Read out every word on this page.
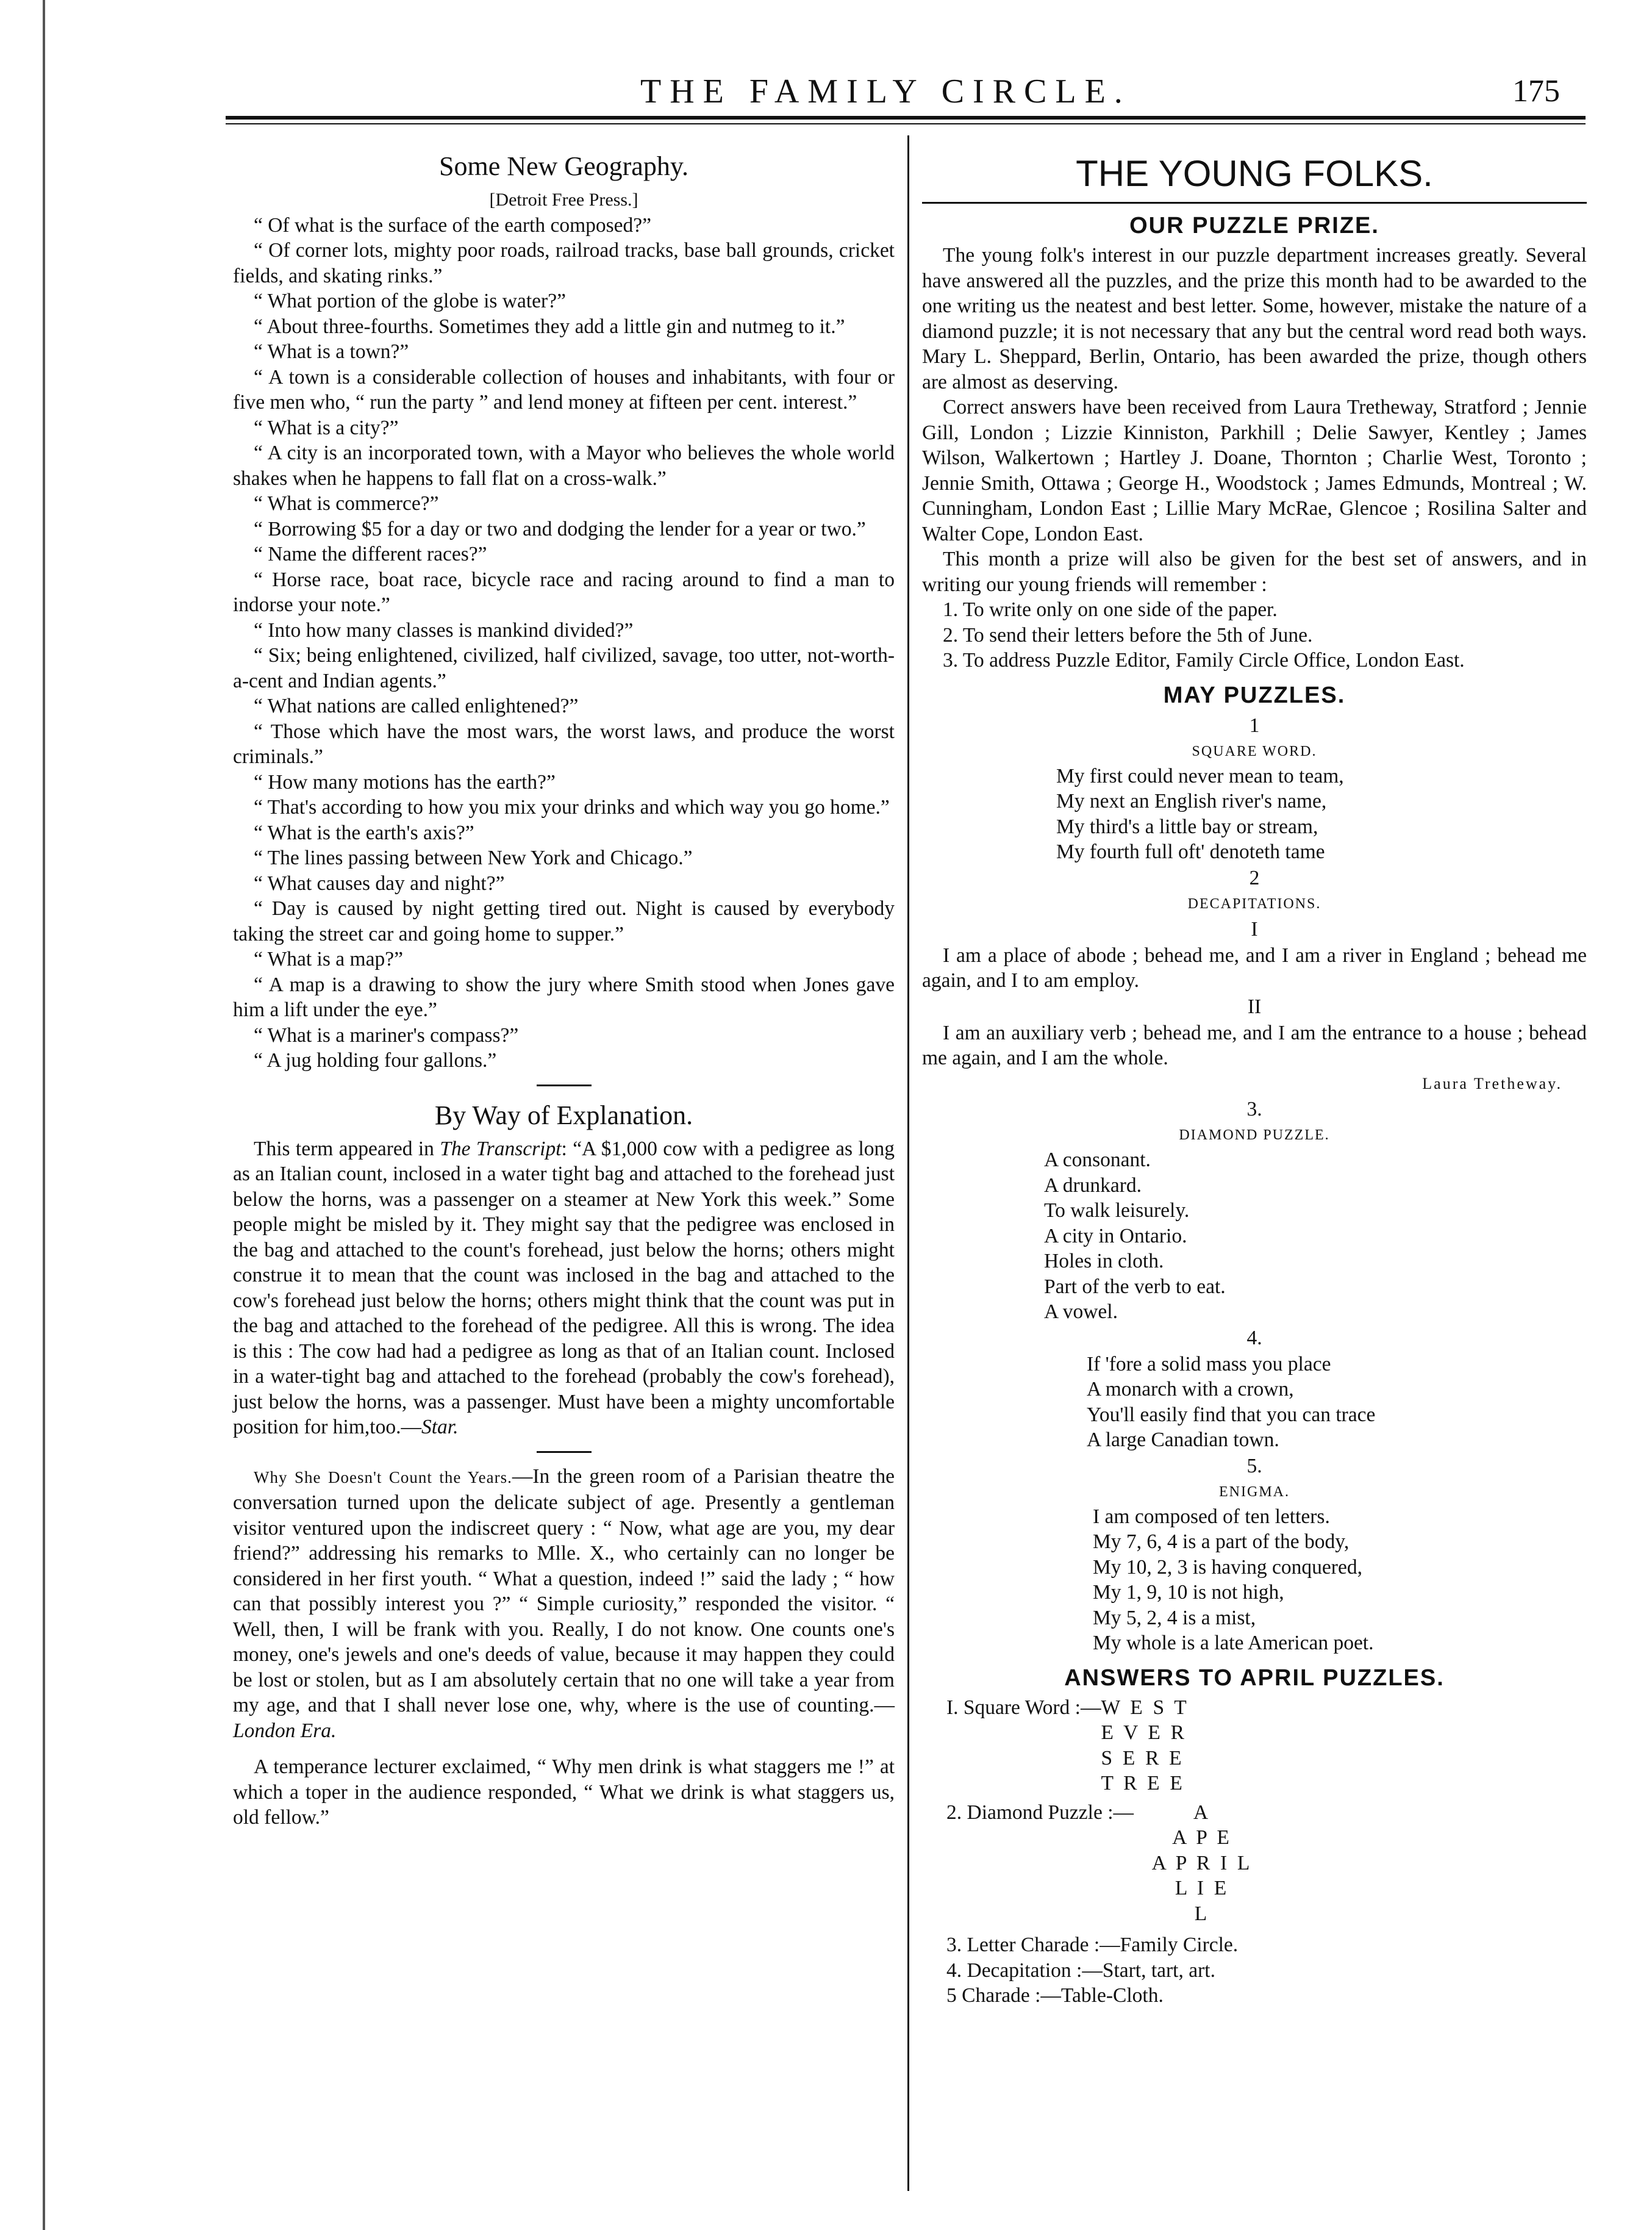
THE FAMILY CIRCLE.	175
Some New Geography.
[Detroit Free Press.]

“ Of what is the surface of the earth composed?”

“ Of corner lots, mighty poor roads, railroad tracks, base ball grounds, cricket fields, and skating rinks.”

“ What portion of the globe is water?”

“ About three-fourths. Sometimes they add a little gin and nutmeg to it.”

“ What is a town?”

“ A town is a considerable collection of houses and inhabitants, with four or five men who, “ run the party ” and lend money at fifteen per cent. interest.”

“ What is a city?”

“ A city is an incorporated town, with a Mayor who believes the whole world shakes when he happens to fall flat on a cross-walk.”

“ What is commerce?”

“ Borrowing $5 for a day or two and dodging the lender for a year or two.”

“ Name the different races?”

“ Horse race, boat race, bicycle race and racing around to find a man to indorse your note.”

“ Into how many classes is mankind divided?”

“ Six; being enlightened, civilized, half civilized, savage, too utter, not-worth-a-cent and Indian agents.”

“ What nations are called enlightened?”

“ Those which have the most wars, the worst laws, and produce the worst criminals.”

“ How many motions has the earth?”

“ That's according to how you mix your drinks and which way you go home.”

“ What is the earth's axis?”

“ The lines passing between New York and Chicago.”

“ What causes day and night?”

“ Day is caused by night getting tired out. Night is caused by everybody taking the street car and going home to supper.”

“ What is a map?”

“ A map is a drawing to show the jury where Smith stood when Jones gave him a lift under the eye.”

“ What is a mariner's compass?”

“ A jug holding four gallons.”

By Way of Explanation.

This term appeared in The Transcript: “A $1,000 cow with a pedigree as long as an Italian count, inclosed in a water tight bag and attached to the forehead just below the horns, was a passenger on a steamer at New York this week.” Some people might be misled by it. They might say that the pedigree was enclosed in the bag and attached to the count's forehead, just below the horns; others might construe it to mean that the count was inclosed in the bag and attached to the cow's forehead just below the horns; others might think that the count was put in the bag and attached to the forehead of the pedigree. All this is wrong. The idea is this : The cow had had a pedigree as long as that of an Italian count. Inclosed in a water-tight bag and attached to the forehead (probably the cow's forehead), just below the horns, was a passenger. Must have been a mighty uncomfortable position for him,too.—Star.

Why She Doesn't Count the Years.—In the green room of a Parisian theatre the conversation turned upon the delicate subject of age. Presently a gentleman visitor ventured upon the indiscreet query : “ Now, what age are you, my dear friend?” addressing his remarks to Mlle. X., who certainly can no longer be considered in her first youth. “ What a question, indeed !” said the lady ; “ how can that possibly interest you ?” “ Simple curiosity,” responded the visitor. “ Well, then, I will be frank with you. Really, I do not know. One counts one's money, one's jewels and one's deeds of value, because it may happen they could be lost or stolen, but as I am absolutely certain that no one will take a year from my age, and that I shall never lose one, why, where is the use of counting.—London Era.

A temperance lecturer exclaimed, “ Why men drink is what staggers me !” at which a toper in the audience responded, “ What we drink is what staggers us, old fellow.”

THE YOUNG FOLKS.
OUR PUZZLE PRIZE.

The young folk's interest in our puzzle department increases greatly. Several have answered all the puzzles, and the prize this month had to be awarded to the one writing us the neatest and best letter. Some, however, mistake the nature of a diamond puzzle; it is not necessary that any but the central word read both ways. Mary L. Sheppard, Berlin, Ontario, has been awarded the prize, though others are almost as deserving.

Correct answers have been received from Laura Tretheway, Stratford ; Jennie Gill, London ; Lizzie Kinniston, Parkhill ; Delie Sawyer, Kentley ; James Wilson, Walkertown ; Hartley J. Doane, Thornton ; Charlie West, Toronto ; Jennie Smith, Ottawa ; George H., Woodstock ; James Edmunds, Montreal ; W. Cunningham, London East ; Lillie Mary McRae, Glencoe ; Rosilina Salter and Walter Cope, London East.

This month a prize will also be given for the best set of answers, and in writing our young friends will remember :

1. To write only on one side of the paper.

2. To send their letters before the 5th of June.

3. To address Puzzle Editor, Family Circle Office, London East.

MAY PUZZLES.
1
SQUARE WORD.

My first could never mean to team,

My next an English river's name,

My third's a little bay or stream,

My fourth full oft' denoteth tame

2
DECAPITATIONS.
I

I am a place of abode ; behead me, and I am a river in England ; behead me again, and I to am employ.

II

I am an auxiliary verb ; behead me, and I am the entrance to a house ; behead me again, and I am the whole.

Laura Tretheway.
3.
DIAMOND PUZZLE.

A consonant.

A drunkard.

To walk leisurely.

A city in Ontario.

Holes in cloth.

Part of the verb to eat.

A vowel.

4.

If 'fore a solid mass you place

A monarch with a crown,

You'll easily find that you can trace

A large Canadian town.

5.
ENIGMA.

I am composed of ten letters.

My 7, 6, 4 is a part of the body,

My 10, 2, 3 is having conquered,

My 1, 9, 10 is not high,

My 5, 2, 4 is a mist,

My whole is a late American poet.

ANSWERS TO APRIL PUZZLES.
I. Square Word :— W  E  S  T
E  V  E  R
S  E  R  E
T  R  E  E
2. Diamond Puzzle :—	A
A  P  E
A  P  R  I  L
L  I  E
L

3. Letter Charade :—Family Circle.

4. Decapitation :—Start, tart, art.

5 Charade :—Table-Cloth.
